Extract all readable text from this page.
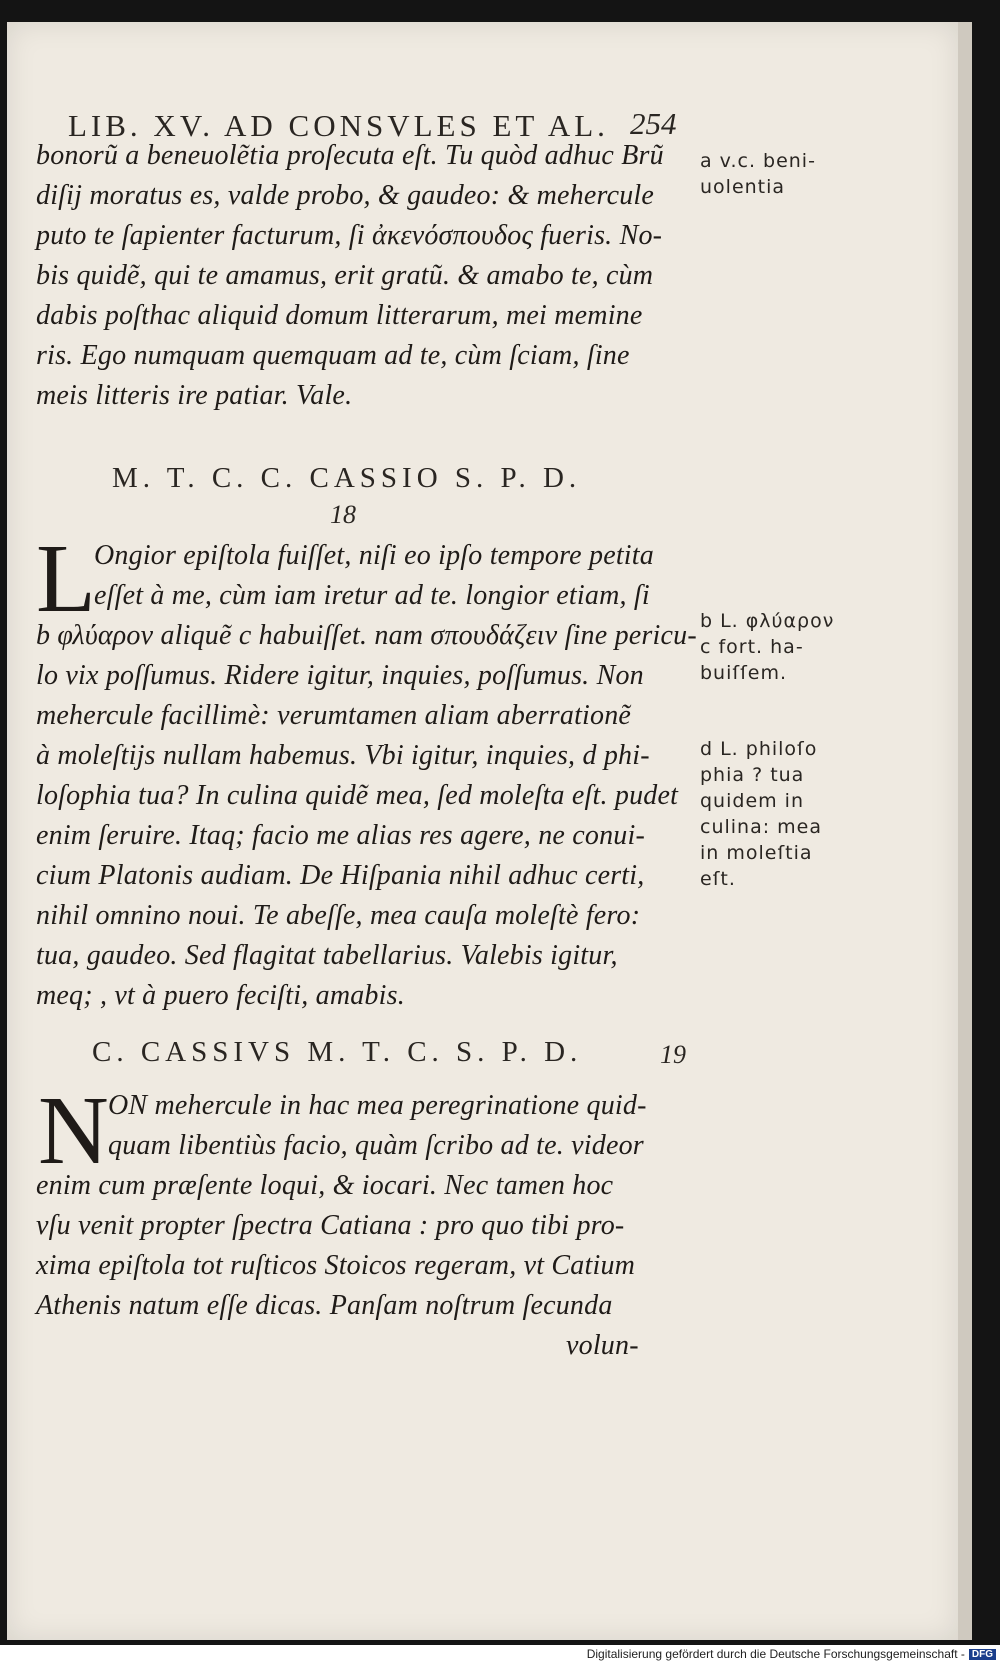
LIB. XV. AD CONSVLES ET AL. 254
bonorũ a beneuolẽtia proſecuta eſt. Tu quòd adhuc Brũ
diſij moratus es, valde probo, & gaudeo: & mehercule
puto te ſapienter facturum, ſi ἀκενόσπουδος fueris. No-
bis quidẽ, qui te amamus, erit gratũ. & amabo te, cùm
dabis poſthac aliquid domum litterarum, mei memine
ris. Ego numquam quemquam ad te, cùm ſciam, ſine
meis litteris ire patiar. Vale.
M. T. C. C. CASSIO S. P. D.
18
L
Ongior epiſtola fuiſſet, niſi eo ipſo tempore petita
eſſet à me, cùm iam iretur ad te. longior etiam, ſi
b φλύαρον aliquẽ c habuiſſet. nam σπουδάζειν ſine pericu-
lo vix poſſumus. Ridere igitur, inquies, poſſumus. Non
mehercule facillimè: verumtamen aliam aberrationẽ
à moleſtijs nullam habemus. Vbi igitur, inquies, d phi-
loſophia tua? In culina quidẽ mea, ſed moleſta eſt. pudet
enim ſeruire. Itaq; facio me alias res agere, ne conui-
cium Platonis audiam. De Hiſpania nihil adhuc certi,
nihil omnino noui. Te abeſſe, mea cauſa moleſtè fero:
tua, gaudeo. Sed flagitat tabellarius. Valebis igitur,
meq; , vt à puero feciſti, amabis.
C. CASSIVS M. T. C. S. P. D.	19
N ON mehercule in hac mea peregrinatione quid-
quam libentiùs facio, quàm ſcribo ad te. videor
enim cum præſente loqui, & iocari. Nec tamen hoc
vſu venit propter ſpectra Catiana : pro quo tibi pro-
xima epiſtola tot ruſticos Stoicos regeram, vt Catium
Athenis natum eſſe dicas. Panſam noſtrum ſecunda
volun-
a v.c. beni-
uolentia
b L. φλύαρον
c fort. ha-
buiſſem.
d L. philoſo
phia ? tua
quidem in
culina: mea
in moleſtia
eſt.
Digitalisierung gefördert durch die Deutsche Forschungsgemeinschaft - DFG
